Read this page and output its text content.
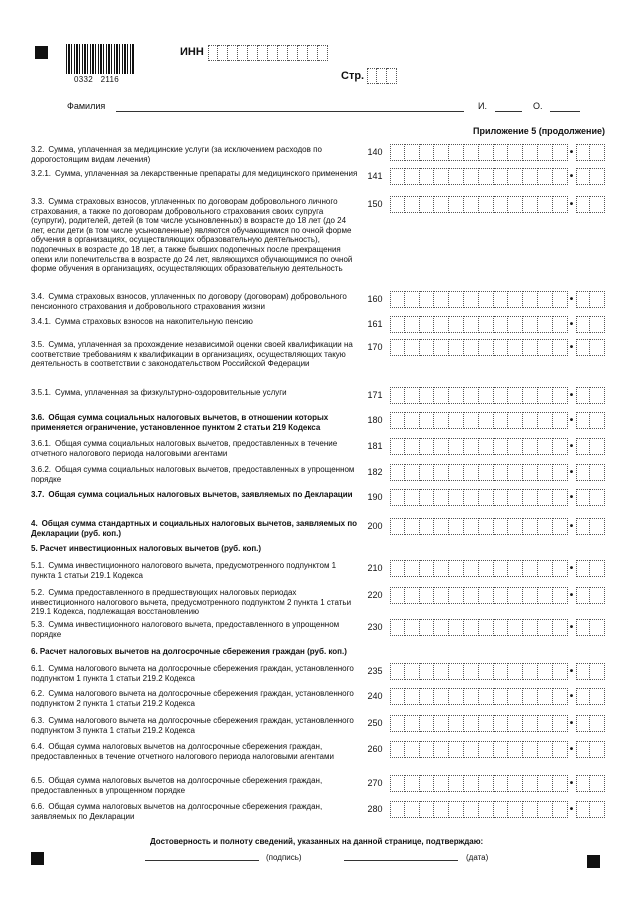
0332   2116
ИНН
Стр.
Фамилия	И.	О.
Приложение 5 (продолжение)
3.2. Сумма, уплаченная за медицинские услуги (за исключением расходов по дорогостоящим видам лечения)
140	•
3.2.1. Сумма, уплаченная за лекарственные препараты для медицинского применения	141	•
3.3. Сумма страховых взносов, уплаченных по договорам добровольного личного страхования, а также по договорам добровольного страхования своих супруга (супруги), родителей, детей (в том числе усыновленных) в возрасте до 18 лет (до 24 лет, если дети (в том числе усыновленные) являются обучающимися по очной форме обучения в организациях, осуществляющих образовательную деятельность), подопечных в возрасте до 18 лет, а также бывших подопечных после прекращения опеки или попечительства в возрасте до 24 лет, являющихся обучающимися по очной форме обучения в организациях, осуществляющих образовательную деятельность
150	•
3.4. Сумма страховых взносов, уплаченных по договору (договорам) добровольного пенсионного страхования и добровольного страхования жизни
160	•
3.4.1. Сумма страховых взносов на накопительную пенсию	161	•
3.5. Сумма, уплаченная за прохождение независимой оценки своей квалификации на соответствие требованиям к квалификации в организациях, осуществляющих такую деятельность в соответствии с законодательством Российской Федерации
170	•
3.5.1. Сумма, уплаченная за физкультурно-оздоровительные услуги	171	•
3.6. Общая сумма социальных налоговых вычетов, в отношении которых применяется ограничение, установленное пунктом 2 статьи 219 Кодекса
180	•
3.6.1. Общая сумма социальных налоговых вычетов, предоставленных в течение отчетного налогового периода налоговыми агентами
181	•
3.6.2. Общая сумма социальных налоговых вычетов, предоставленных в упрощенном порядке
182	•
3.7. Общая сумма социальных налоговых вычетов, заявляемых по Декларации	190	•
4. Общая сумма стандартных и социальных налоговых вычетов, заявляемых по Декларации (руб. коп.)
200	•
5.1. Сумма инвестиционного налогового вычета, предусмотренного подпунктом 1 пункта 1 статьи 219.1 Кодекса
210	•
5.2. Сумма предоставленного в предшествующих налоговых периодах инвестиционного налогового вычета, предусмотренного подпунктом 2 пункта 1 статьи 219.1 Кодекса, подлежащая восстановлению
220	•
5.3. Сумма инвестиционного налогового вычета, предоставленного в упрощенном порядке
230	•
6.1. Сумма налогового вычета на долгосрочные сбережения граждан, установленного подпунктом 1 пункта 1 статьи 219.2 Кодекса
235	•
6.2. Сумма налогового вычета на долгосрочные сбережения граждан, установленного подпунктом 2 пункта 1 статьи 219.2 Кодекса
240	•
6.3. Сумма налогового вычета на долгосрочные сбережения граждан, установленного подпунктом 3 пункта 1 статьи 219.2 Кодекса
250	•
6.4. Общая сумма налоговых вычетов на долгосрочные сбережения граждан, предоставленных в течение отчетного налогового периода налоговыми агентами
260	•
6.5. Общая сумма налоговых вычетов на долгосрочные сбережения граждан, предоставленных в упрощенном порядке
270	•
6.6. Общая сумма налоговых вычетов на долгосрочные сбережения граждан, заявляемых по Декларации
280	•
5. Расчет инвестиционных налоговых вычетов (руб. коп.)
6. Расчет налоговых вычетов на долгосрочные сбережения граждан (руб. коп.)
Достоверность и полноту сведений, указанных на данной странице, подтверждаю:
(подпись)	(дата)
